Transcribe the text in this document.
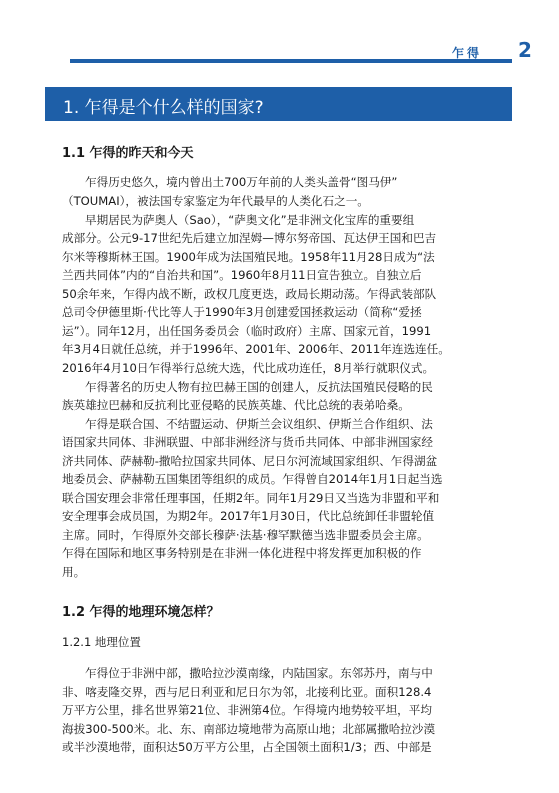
乍得 2
1. 乍得是个什么样的国家?
1.1 乍得的昨天和今天
乍得历史悠久，境内曾出土700万年前的人类头盖骨“图马伊”
（TOUMAI），被法国专家鉴定为年代最早的人类化石之一。
早期居民为萨奥人（Sao），“萨奥文化”是非洲文化宝库的重要组
成部分。公元9-17世纪先后建立加涅姆—博尔努帝国、瓦达伊王国和巴吉
尔米等穆斯林王国。1900年成为法国殖民地。1958年11月28日成为“法
兰西共同体”内的“自治共和国”。1960年8月11日宣告独立。自独立后
50余年来，乍得内战不断，政权几度更迭，政局长期动荡。乍得武装部队
总司令伊德里斯·代比等人于1990年3月创建爱国拯救运动（简称“爱拯
运”）。同年12月，出任国务委员会（临时政府）主席、国家元首，1991
年3月4日就任总统，并于1996年、2001年、2006年、2011年连选连任。
2016年4月10日乍得举行总统大选，代比成功连任，8月举行就职仪式。
乍得著名的历史人物有拉巴赫王国的创建人，反抗法国殖民侵略的民
族英雄拉巴赫和反抗利比亚侵略的民族英雄、代比总统的表弟哈桑。
乍得是联合国、不结盟运动、伊斯兰会议组织、伊斯兰合作组织、法
语国家共同体、非洲联盟、中部非洲经济与货币共同体、中部非洲国家经
济共同体、萨赫勒-撒哈拉国家共同体、尼日尔河流域国家组织、乍得湖盆
地委员会、萨赫勒五国集团等组织的成员。乍得曾自2014年1月1日起当选
联合国安理会非常任理事国，任期2年。同年1月29日又当选为非盟和平和
安全理事会成员国，为期2年。2017年1月30日，代比总统卸任非盟轮值
主席。同时，乍得原外交部长穆萨·法基·穆罕默德当选非盟委员会主席。
乍得在国际和地区事务特别是在非洲一体化进程中将发挥更加积极的作
用。
1.2 乍得的地理环境怎样？
1.2.1 地理位置
乍得位于非洲中部，撒哈拉沙漠南缘，内陆国家。东邻苏丹，南与中
非、喀麦隆交界，西与尼日利亚和尼日尔为邻，北接利比亚。面积128.4
万平方公里，排名世界第21位、非洲第4位。乍得境内地势较平坦，平均
海拔300-500米。北、东、南部边境地带为高原山地；北部属撒哈拉沙漠
或半沙漠地带，面积达50万平方公里，占全国领土面积1/3；西、中部是
